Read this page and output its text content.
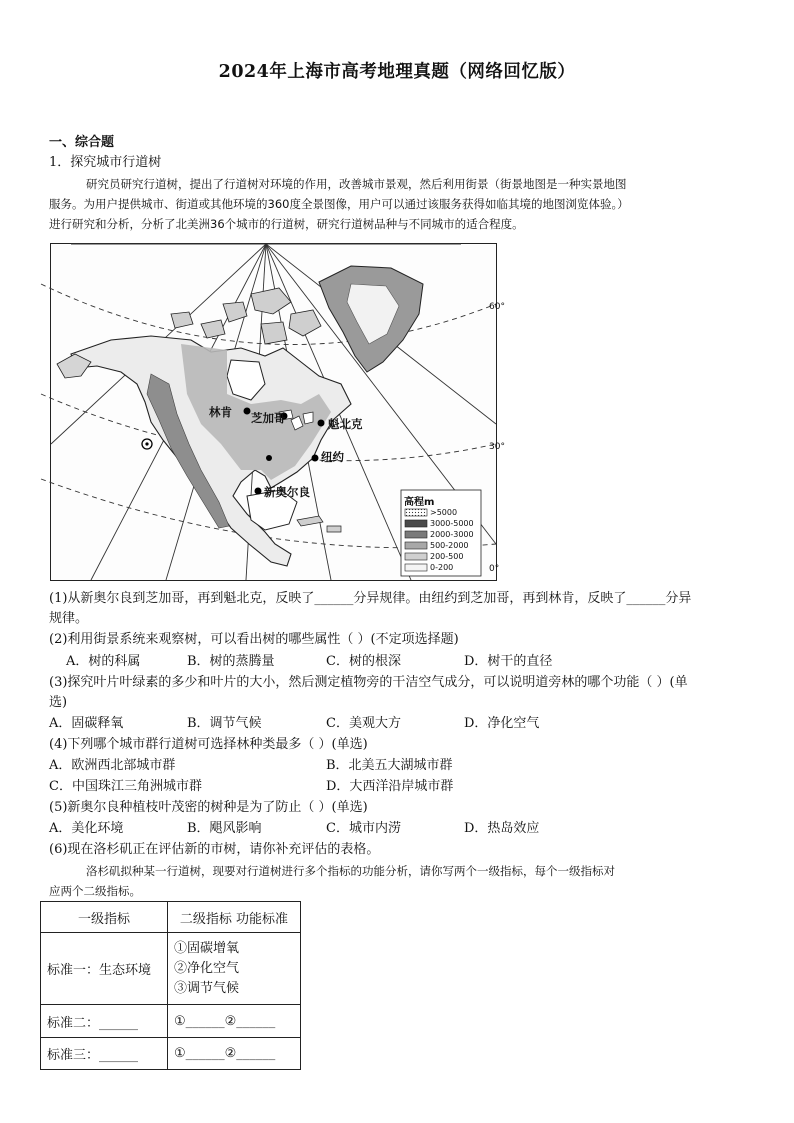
2024年上海市高考地理真题（网络回忆版）
一、综合题
1．探究城市行道树
研究员研究行道树，提出了行道树对环境的作用，改善城市景观，然后利用街景（街景地图是一种实景地图
服务。为用户提供城市、街道或其他环境的360度全景图像，用户可以通过该服务获得如临其境的地图浏览体验。）
进行研究和分析，分析了北美洲36个城市的行道树，研究行道树品种与不同城市的适合程度。
60°
30°
0°
林肯 芝加哥	魁北克
纽约
新奥尔良
高程m
>5000
3000-5000
2000-3000
500-2000
200-500
0-200
(1)从新奥尔良到芝加哥，再到魁北克，反映了______分异规律。由纽约到芝加哥，再到林肯，反映了______分异
规律。
(2)利用街景系统来观察树，可以看出树的哪些属性（ ）(不定项选择题)
A．树的科属	B．树的蒸腾量	C．树的根深	D．树干的直径
(3)探究叶片叶绿素的多少和叶片的大小，然后测定植物旁的干洁空气成分，可以说明道旁林的哪个功能（ ）(单
选)
A．固碳释氧	B．调节气候	C．美观大方	D．净化空气
(4)下列哪个城市群行道树可选择林种类最多（ ）(单选)
A．欧洲西北部城市群	B．北美五大湖城市群
C．中国珠江三角洲城市群	D．大西洋沿岸城市群
(5)新奥尔良种植枝叶茂密的树种是为了防止（ ）(单选)
A．美化环境	B．飓风影响	C．城市内涝	D．热岛效应
(6)现在洛杉矶正在评估新的市树，请你补充评估的表格。
洛杉矶拟种某一行道树，现要对行道树进行多个指标的功能分析，请你写两个一级指标，每个一级指标对
应两个二级指标。
一级指标	二级指标 功能标准
标准一：生态环境	①固碳增氧
②净化空气
③调节气候

标准二：______	①______②______
标准三：______	①______②______
